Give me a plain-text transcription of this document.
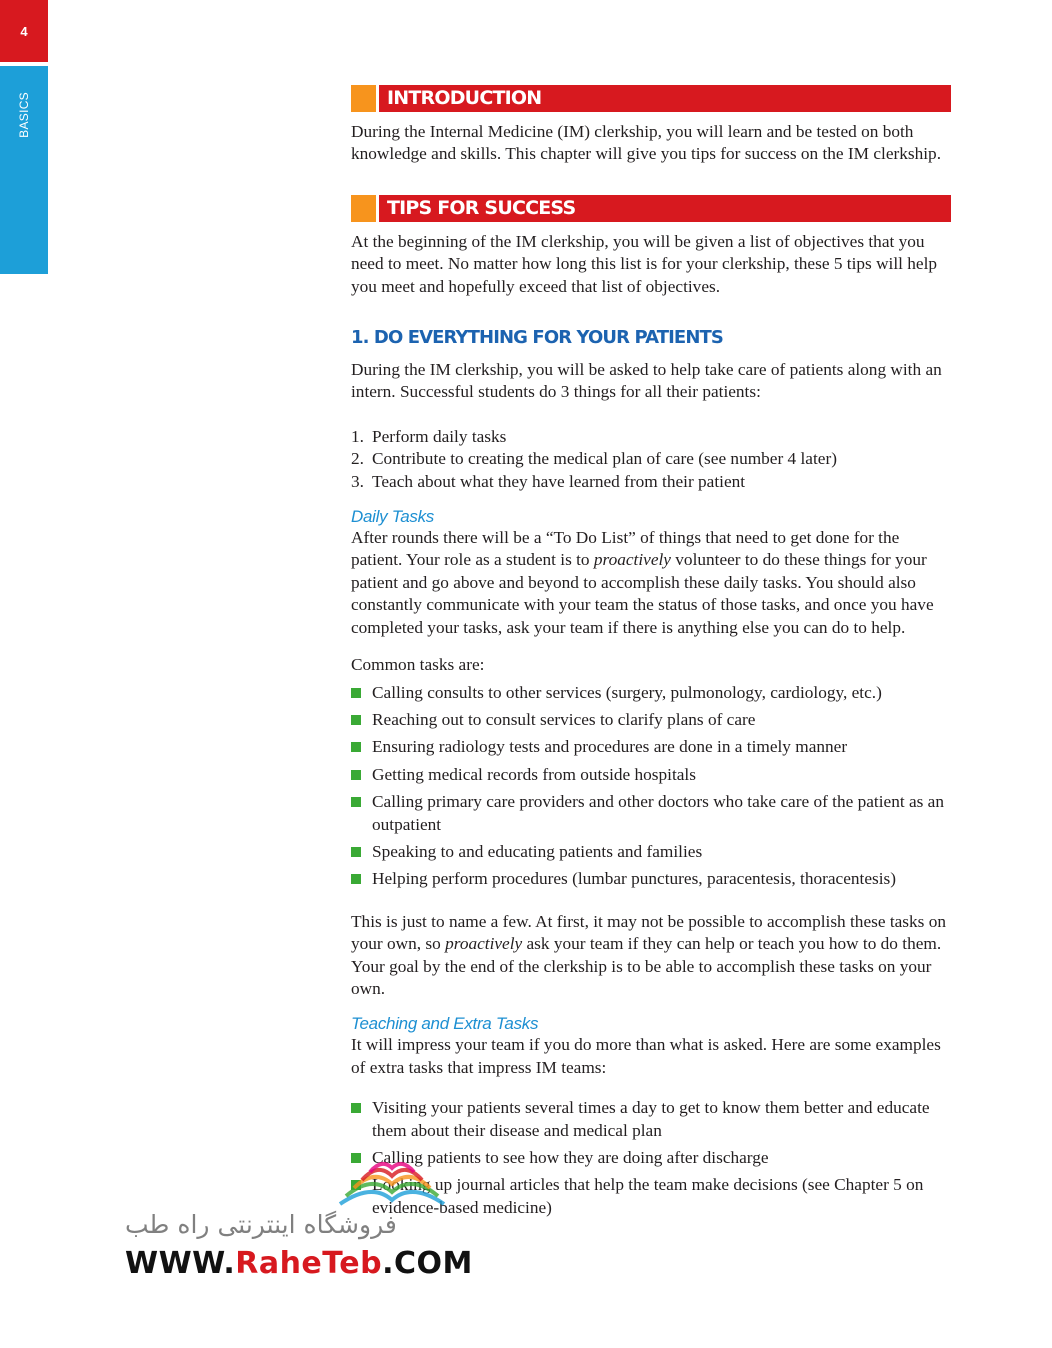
4
BASICS	INTRODUCTION

During the Internal Medicine (IM) clerkship, you will learn and be tested on both knowledge and skills. This chapter will give you tips for success on the IM clerkship.

TIPS FOR SUCCESS

At the beginning of the IM clerkship, you will be given a list of objectives that you need to meet. No matter how long this list is for your clerkship, these 5 tips will help you meet and hopefully exceed that list of objectives.

1. DO EVERYTHING FOR YOUR PATIENTS

During the IM clerkship, you will be asked to help take care of patients along with an intern. Successful students do 3 things for all their patients:

1. Perform daily tasks
2. Contribute to creating the medical plan of care (see number 4 later)
3. Teach about what they have learned from their patient
Daily Tasks

After rounds there will be a “To Do List” of things that need to get done for the patient. Your role as a student is to proactively volunteer to do these things for your patient and go above and beyond to accomplish these daily tasks. You should also constantly communicate with your team the status of those tasks, and once you have completed your tasks, ask your team if there is anything else you can do to help.

Common tasks are:

Calling consults to other services (surgery, pulmonology, cardiology, etc.)
Reaching out to consult services to clarify plans of care
Ensuring radiology tests and procedures are done in a timely manner
Getting medical records from outside hospitals
Calling primary care providers and other doctors who take care of the patient as an outpatient
Speaking to and educating patients and families
Helping perform procedures (lumbar punctures, paracentesis, thoracentesis)

This is just to name a few. At first, it may not be possible to accomplish these tasks on your own, so proactively ask your team if they can help or teach you how to do them. Your goal by the end of the clerkship is to be able to accomplish these tasks on your own.

Teaching and Extra Tasks

It will impress your team if you do more than what is asked. Here are some examples of extra tasks that impress IM teams:

Visiting your patients several times a day to get to know them better and educate them about their disease and medical plan
Calling patients to see how they are doing after discharge
Looking up journal articles that help the team make decisions (see Chapter 5 on evidence-based medicine)
فروشگاه اینترنتی راه طب
WWW.RaheTeb.COM
